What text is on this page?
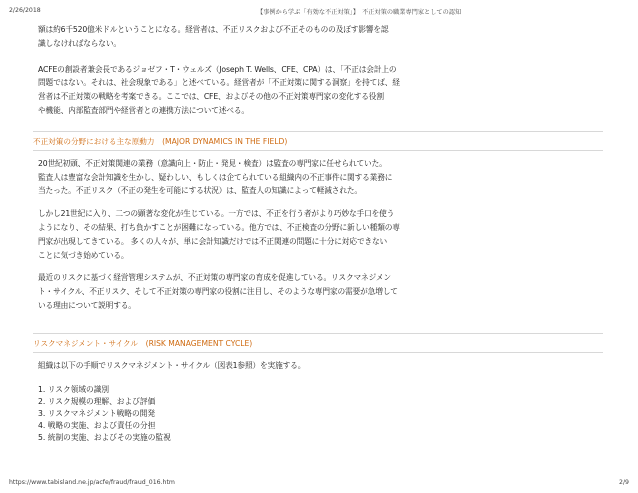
2/26/2018	【事例から学ぶ「有効な不正対策」】　不正対策の職業専門家としての認知

額は約6千520億米ドルということになる。経営者は、不正リスクおよび不正そのものの及ぼす影響を認

識しなければならない。

ACFEの創設者兼会長であるジョゼフ・T・ウェルズ（Joseph T. Wells、CFE、CPA）は、「不正は会計上の

問題ではない。それは、社会現象である」と述べている。経営者が「不正対策に関する洞察」を持てば、経

営者は不正対策の戦略を考案できる。ここでは、CFE、およびその他の不正対策専門家の変化する役割

や機能、内部監査部門や経営者との連携方法について述べる。

不正対策の分野における主な原動力　(MAJOR DYNAMICS IN THE FIELD)

20世紀初頭、不正対策関連の業務（意識向上・防止・発見・検査）は監査の専門家に任せられていた。

監査人は豊富な会計知識を生かし、疑わしい、もしくは企てられている組織内の不正事件に関する業務に

当たった。不正リスク（不正の発生を可能にする状況）は、監査人の知識によって軽減された。

しかし21世紀に入り、二つの顕著な変化が生じている。一方では、不正を行う者がより巧妙な手口を使う

ようになり、その結果、打ち負かすことが困難になっている。他方では、不正検査の分野に新しい種類の専

門家が出現してきている。 多くの人々が、単に会計知識だけでは不正関連の問題に十分に対応できない

ことに気づき始めている。

最近のリスクに基づく経営管理システムが、不正対策の専門家の育成を促進している。リスクマネジメン

ト・サイクル、不正リスク、そして不正対策の専門家の役割に注目し、そのような専門家の需要が急増して

いる理由について説明する。

リスクマネジメント・サイクル　(RISK MANAGEMENT CYCLE)

組織は以下の手順でリスクマネジメント・サイクル（図表1参照）を実施する。

1. リスク領域の識別
2. リスク規模の理解、および評価
3. リスクマネジメント戦略の開発
4. 戦略の実施、および責任の分担
5. 統制の実施、およびその実施の監視
https://www.tabisland.ne.jp/acfe/fraud/fraud_016.htm	2/9
